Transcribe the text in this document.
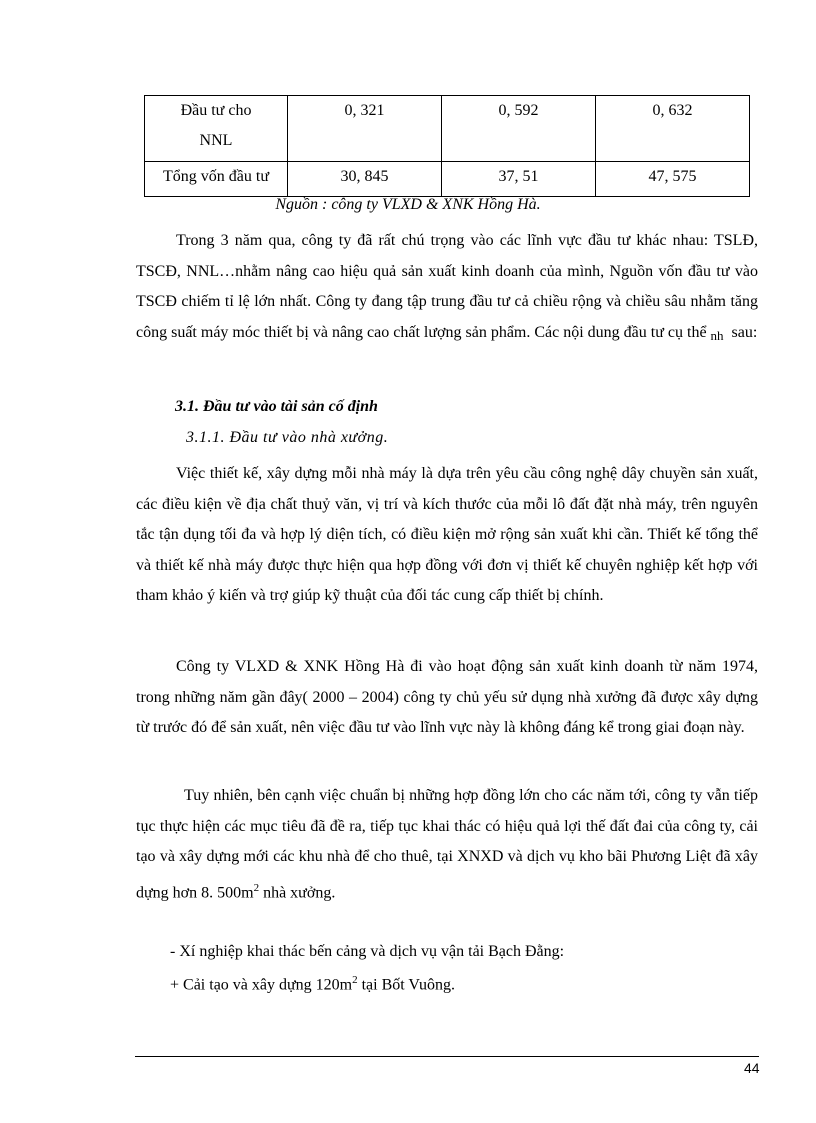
Đầu tư cho
NNL	0, 321	0, 592	0, 632
Tổng vốn đầu tư	30, 845	37, 51	47, 575
Nguồn : công ty VLXD & XNK Hồng Hà.

Trong 3 năm qua, công ty đã rất chú trọng vào các lĩnh vực đầu tư khác nhau: TSLĐ, TSCĐ, NNL…nhằm nâng cao hiệu quả sản xuất kinh doanh của mình, Nguồn vốn đầu tư vào TSCĐ chiếm tỉ lệ lớn nhất. Công ty đang tập trung đầu tư cả chiều rộng và chiều sâu nhằm tăng công suất máy móc thiết bị và nâng cao chất lượng sản phẩm. Các nội dung đầu tư cụ thể nh sau:

3.1. Đầu tư vào tài sản cố định

3.1.1. Đầu tư vào nhà xưởng.

Việc thiết kế, xây dựng mỗi nhà máy là dựa trên yêu cầu công nghệ dây chuyền sản xuất, các điều kiện về địa chất thuỷ văn, vị trí và kích thước của mỗi lô đất đặt nhà máy, trên nguyên tắc tận dụng tối đa và hợp lý diện tích, có điều kiện mở rộng sản xuất khi cần. Thiết kế tổng thể và thiết kế nhà máy được thực hiện qua hợp đồng với đơn vị thiết kế chuyên nghiệp kết hợp với tham khảo ý kiến và trợ giúp kỹ thuật của đối tác cung cấp thiết bị chính.

Công ty VLXD & XNK Hồng Hà đi vào hoạt động sản xuất kinh doanh từ năm 1974, trong những năm gần đây( 2000 – 2004) công ty chủ yếu sử dụng nhà xưởng đã được xây dựng từ trước đó để sản xuất, nên việc đầu tư vào lĩnh vực này là không đáng kể trong giai đoạn này.

Tuy nhiên, bên cạnh việc chuẩn bị những hợp đồng lớn cho các năm tới, công ty vẫn tiếp tục thực hiện các mục tiêu đã đề ra, tiếp tục khai thác có hiệu quả lợi thế đất đai của công ty, cải tạo và xây dựng mới các khu nhà để cho thuê, tại XNXD và dịch vụ kho bãi Phương Liệt đã xây dựng hơn 8. $500m^2$ nhà xưởng.

- Xí nghiệp khai thác bến cảng và dịch vụ vận tải Bạch Đằng:

+ Cải tạo và xây dựng $120m^2$ tại Bốt Vuông.

44
